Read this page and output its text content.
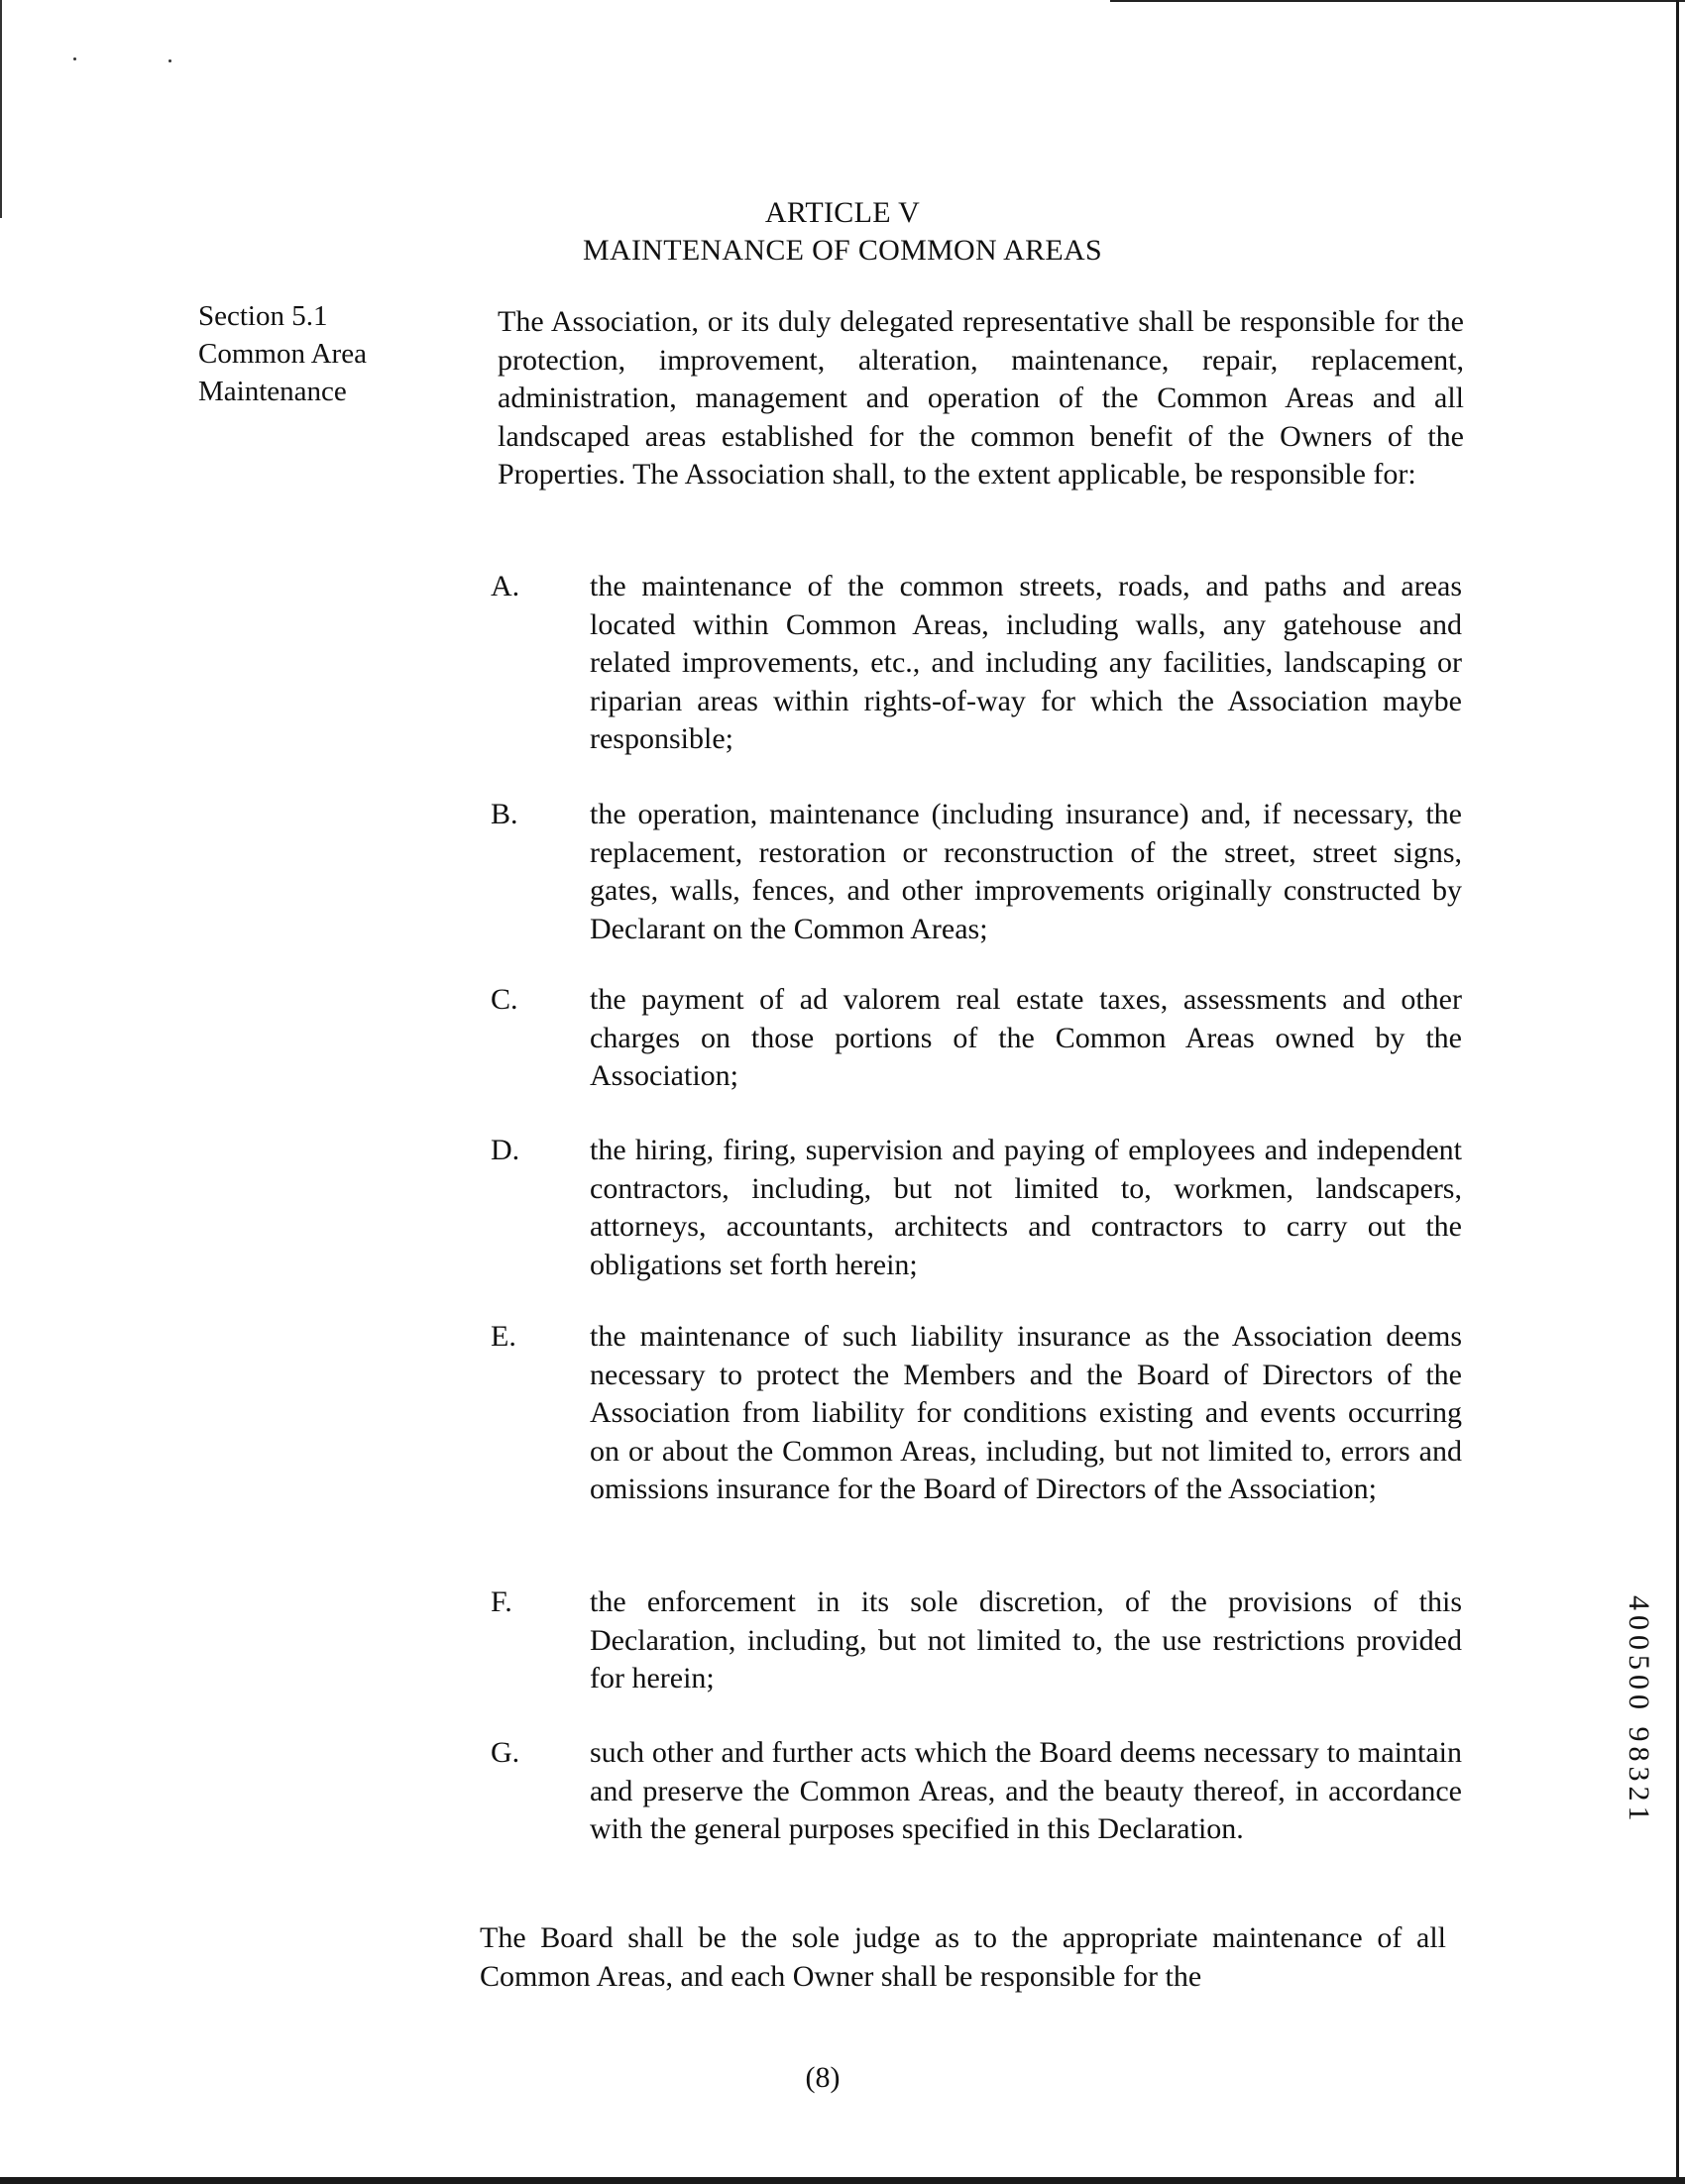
ARTICLE V
MAINTENANCE OF COMMON AREAS
Section 5.1
Common Area
Maintenance
The Association, or its duly delegated representative shall be responsible for the protection, improvement, alteration, maintenance, repair, replacement, administration, management and operation of the Common Areas and all landscaped areas established for the common benefit of the Owners of the Properties. The Association shall, to the extent applicable, be responsible for:
A. the maintenance of the common streets, roads, and paths and areas located within Common Areas, including walls, any gatehouse and related improvements, etc., and including any facilities, landscaping or riparian areas within rights-of-way for which the Association maybe responsible;
B. the operation, maintenance (including insurance) and, if necessary, the replacement, restoration or reconstruction of the street, street signs, gates, walls, fences, and other improvements originally constructed by Declarant on the Common Areas;
C. the payment of ad valorem real estate taxes, assessments and other charges on those portions of the Common Areas owned by the Association;
D. the hiring, firing, supervision and paying of employees and independent contractors, including, but not limited to, workmen, landscapers, attorneys, accountants, architects and contractors to carry out the obligations set forth herein;
E. the maintenance of such liability insurance as the Association deems necessary to protect the Members and the Board of Directors of the Association from liability for conditions existing and events occurring on or about the Common Areas, including, but not limited to, errors and omissions insurance for the Board of Directors of the Association;
F.	the enforcement in its sole discretion, of the provisions of this Declaration, including, but not limited to, the use restrictions provided for herein;
G. such other and further acts which the Board deems necessary to maintain and preserve the Common Areas, and the beauty thereof, in accordance with the general purposes specified in this Declaration.
The Board shall be the sole judge as to the appropriate maintenance of all Common Areas, and each Owner shall be responsible for the
(8)
400500 98321
